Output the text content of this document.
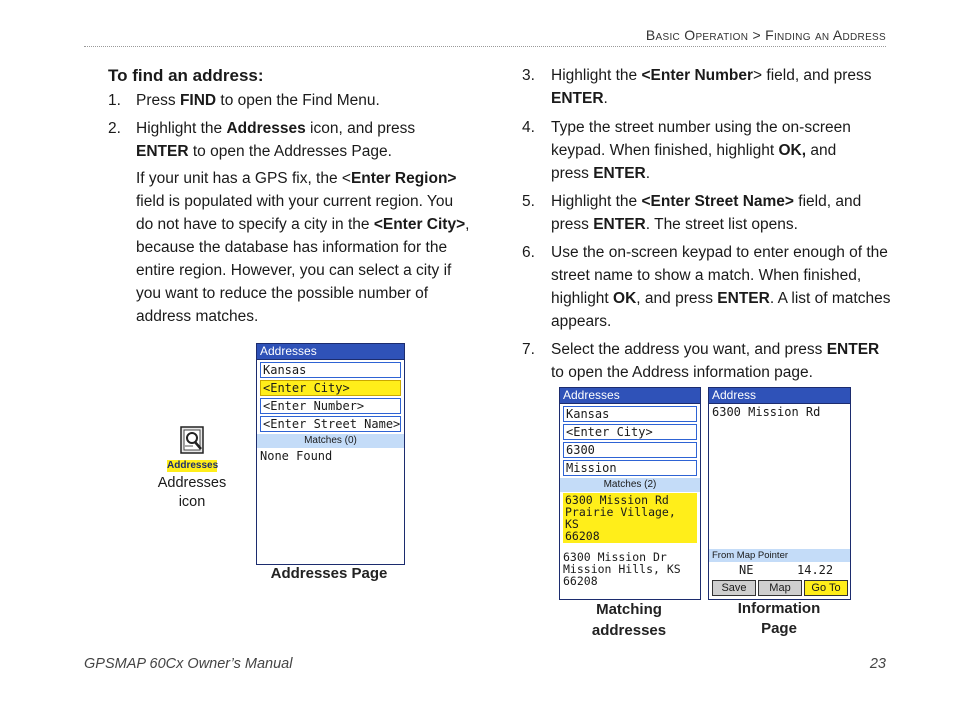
Basic Operation > Finding an Address
To find an address:
1. Press FIND to open the Find Menu.
2. Highlight the Addresses icon, and press ENTER to open the Addresses Page.
If your unit has a GPS fix, the <Enter Region> field is populated with your current region. You do not have to specify a city in the <Enter City>, because the database has information for the entire region. However, you can select a city if you want to reduce the possible number of address matches.
Addresses
Addresses icon
Addresses
Kansas
<Enter City>
<Enter Number>
<Enter Street Name>
Matches (0)
None Found
Addresses Page
3.	Highlight the <Enter Number> field, and press ENTER.
4.	Type the street number using the on-screen keypad. When finished, highlight OK, and press ENTER.
5.	Highlight the <Enter Street Name> field, and press ENTER. The street list opens.
6.	Use the on-screen keypad to enter enough of the street name to show a match. When finished, highlight OK, and press ENTER. A list of matches appears.
7.	Select the address you want, and press ENTER to open the Address information page.
Addresses
Kansas
<Enter City>
6300
Mission
Matches (2)
6300 Mission Rd
Prairie Village, KS
66208
6300 Mission Dr
Mission Hills, KS 66208
Matching addresses
Address
6300 Mission Rd
From Map Pointer
NE	14.22
Save	Map	Go To
Information Page
GPSMAP 60Cx Owner’s Manual	23
